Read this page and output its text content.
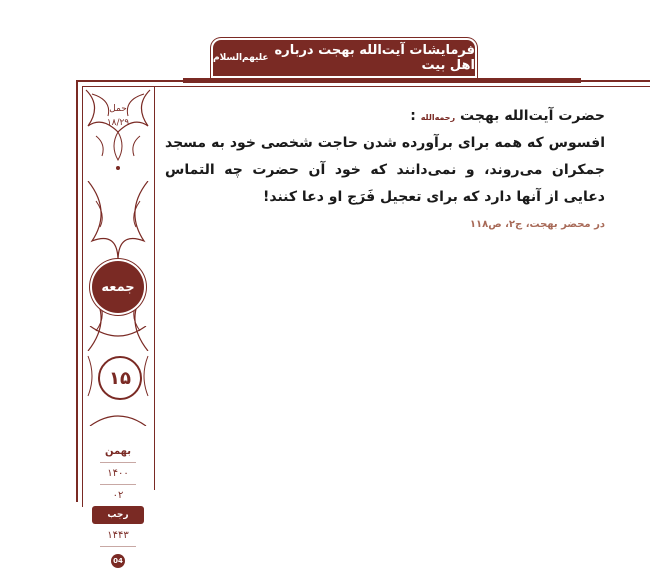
فرمایشات آیت‌الله بهجت درباره اهل بیت
علیهم‌السلام
حمل
۱۸/۲۹
جمعه
۱۵
بهمن
۱۴۰۰
۰۲
رجب
۱۴۴۳
04

حضرت آیت‌الله بهجت رحمه‌الله :

افسوس که همه برای برآورده شدن حاجت شخصی خود به مسجد جمکران می‌روند، و نمی‌دانند که خود آن حضرت چه التماس دعایی از آنها دارد که برای تعجیل فَرَج او دعا کنند!

در محضر بهجت، ج۲، ص۱۱۸
